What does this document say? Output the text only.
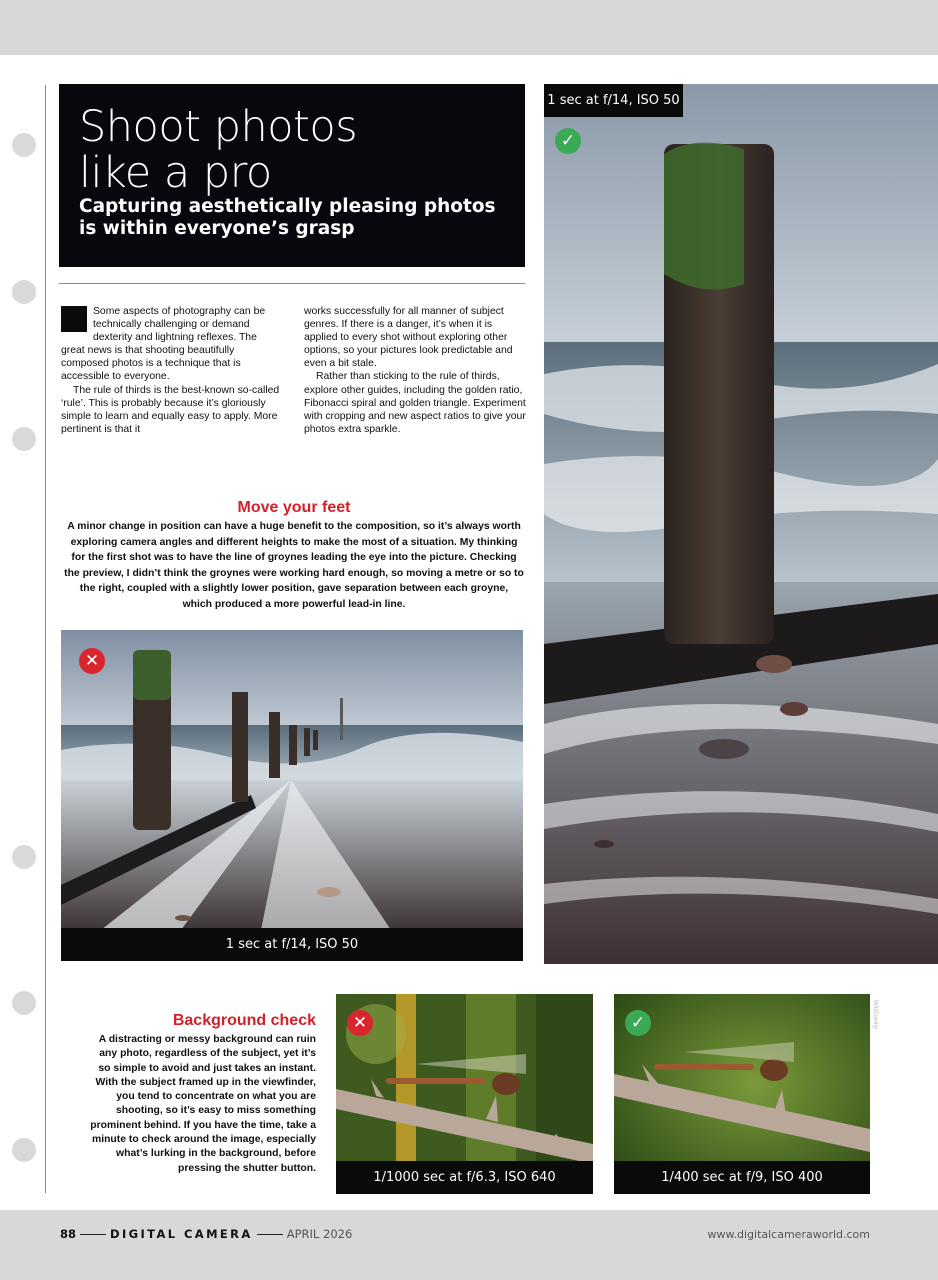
Shoot photos
like a pro
Capturing aesthetically pleasing photos is within everyone’s grasp

Some aspects of photography can be technically challenging or demand dexterity and lightning reflexes. The great news is that shooting beautifully composed photos is a technique that is accessible to everyone.

The rule of thirds is the best-known so-called ‘rule’. This is probably because it’s gloriously simple to learn and equally easy to apply. More pertinent is that it

works successfully for all manner of subject genres. If there is a danger, it’s when it is applied to every shot without exploring other options, so your pictures look predictable and even a bit stale.

Rather than sticking to the rule of thirds, explore other guides, including the golden ratio, Fibonacci spiral and golden triangle. Experiment with cropping and new aspect ratios to give your photos extra sparkle.

Move your feet
A minor change in position can have a huge benefit to the composition, so it’s always worth exploring camera angles and different heights to make the most of a situation. My thinking for the first shot was to have the line of groynes leading the eye into the picture. Checking the preview, I didn’t think the groynes were working hard enough, so moving a metre or so to the right, coupled with a slightly lower position, gave separation between each groyne, which produced a more powerful lead-in line.
✕
1 sec at f/14, ISO 50
✓
1 sec at f/14, ISO 50
Background check
A distracting or messy background can ruin any photo, regardless of the subject, yet it’s so simple to avoid and just takes an instant. With the subject framed up in the viewfinder, you tend to concentrate on what you are shooting, so it’s easy to miss something prominent behind. If you have the time, take a minute to check around the image, especially what’s lurking in the background, before pressing the shutter button.
✕
1/1000 sec at f/6.3, ISO 640
✓
1/400 sec at f/9, ISO 400
WildDanny
88	DIGITAL CAMERA	APRIL 2026	www.digitalcameraworld.com
